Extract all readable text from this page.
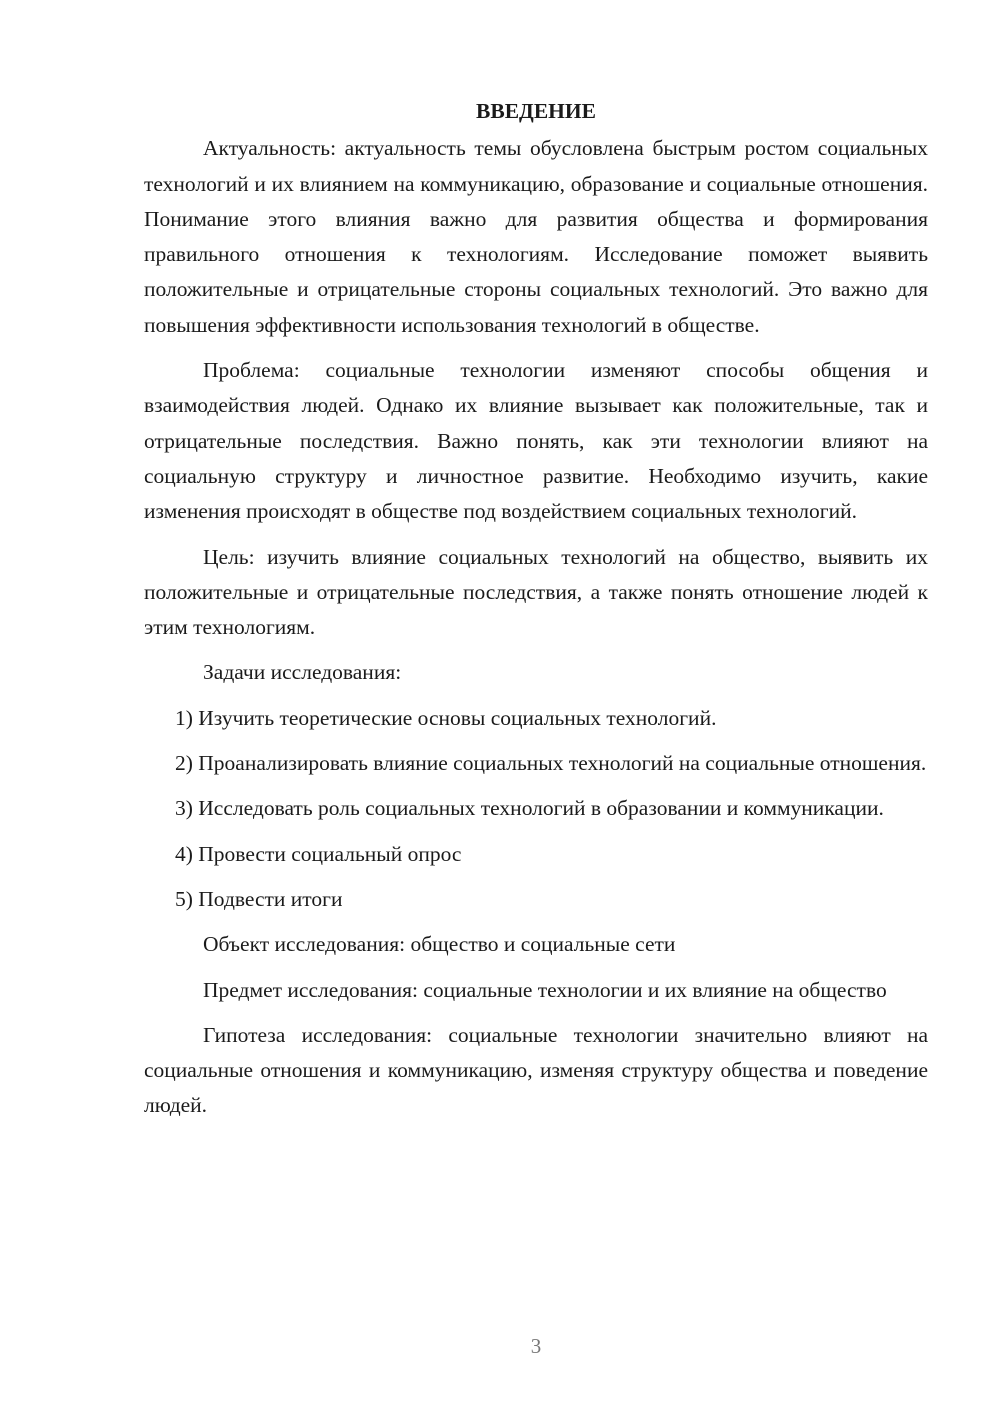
ВВЕДЕНИЕ

Актуальность: актуальность темы обусловлена быстрым ростом социальных технологий и их влиянием на коммуникацию, образование и социальные отношения. Понимание этого влияния важно для развития общества и формирования правильного отношения к технологиям. Исследование поможет выявить положительные и отрицательные стороны социальных технологий. Это важно для повышения эффективности использования технологий в обществе.

Проблема: социальные технологии изменяют способы общения и взаимодействия людей. Однако их влияние вызывает как положительные, так и отрицательные последствия. Важно понять, как эти технологии влияют на социальную структуру и личностное развитие. Необходимо изучить, какие изменения происходят в обществе под воздействием социальных технологий.

Цель: изучить влияние социальных технологий на общество, выявить их положительные и отрицательные последствия, а также понять отношение людей к этим технологиям.

Задачи исследования:

1) Изучить теоретические основы социальных технологий.

2) Проанализировать влияние социальных технологий на социальные отношения.

3) Исследовать роль социальных технологий в образовании и коммуникации.

4) Провести социальный опрос

5) Подвести итоги

Объект исследования: общество и социальные сети

Предмет исследования: социальные технологии и их влияние на общество

Гипотеза исследования: социальные технологии значительно влияют на социальные отношения и коммуникацию, изменяя структуру общества и поведение людей.

3
